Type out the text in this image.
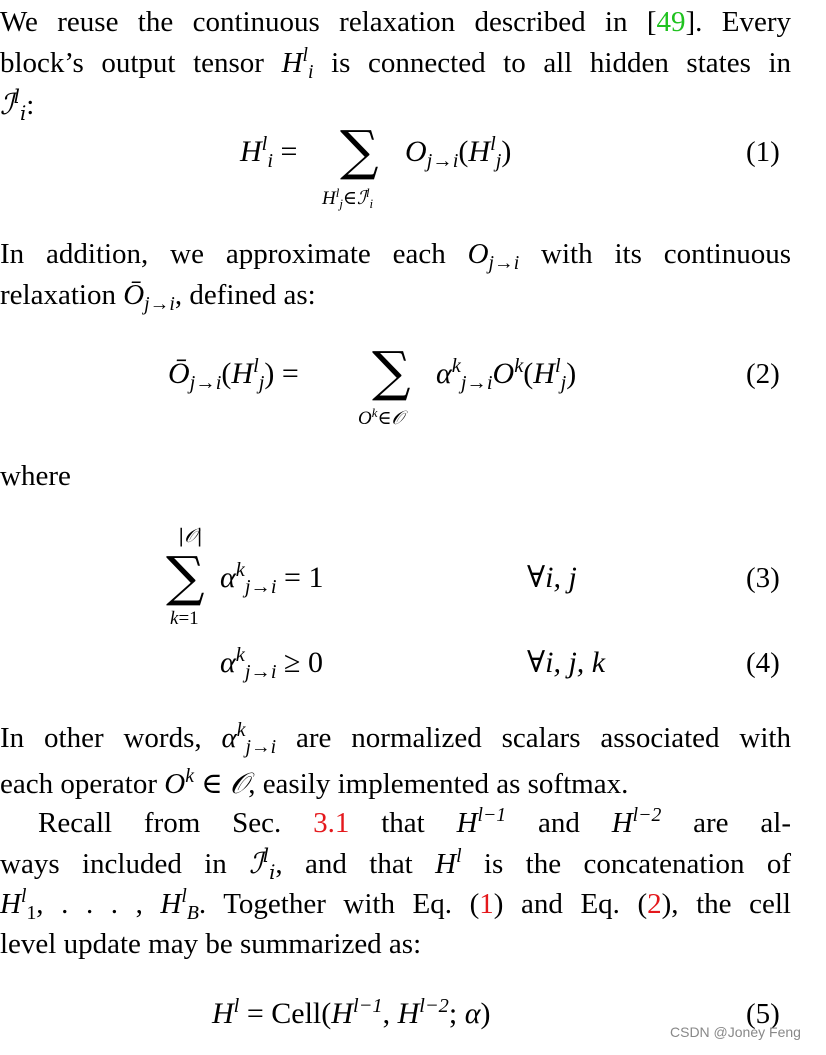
We reuse the continuous relaxation described in [49]. Every
block’s output tensor $H^l_i$ is connected to all hidden states in
ℐ$^l_i$:
$H^l_i$ = ∑
$H^l_j\in ℐ^l_i$
$O_{j\to i}(H^l_j)$	(1)
In addition, we approximate each $O_{j\to i}$ with its continuous
relaxation $Ō_{j\to i}$, defined as:
$Ō_{j\to i}(H^l_j)$ = ∑
$O^k\in 𝒪$
$\alpha^k_{j\to i}O^k(H^l_j)$	(2)
where
|𝒪|
∑
k=1
$\alpha^k_{j\to i} = 1$	∀i, j	(3)
$\alpha^k_{j\to i} \ge 0$	∀i, j, k	(4)
In other words, $\alpha^k_{j\to i}$ are normalized scalars associated with
each operator $O^k$ ∈ 𝒪, easily implemented as softmax.
Recall from Sec. 3.1 that $H^{l-1}$ and $H^{l-2}$ are al-
ways included in ℐ$^l_i$, and that $H^l$ is the concatenation of
$H^l_1$, . . . , $H^l_B$. Together with Eq. (1) and Eq. (2), the cell
level update may be summarized as:
$H^l$ = $Cell(H^{l-1}$, $H^{l-2}$; α)	(5)
CSDN @Joney Feng
